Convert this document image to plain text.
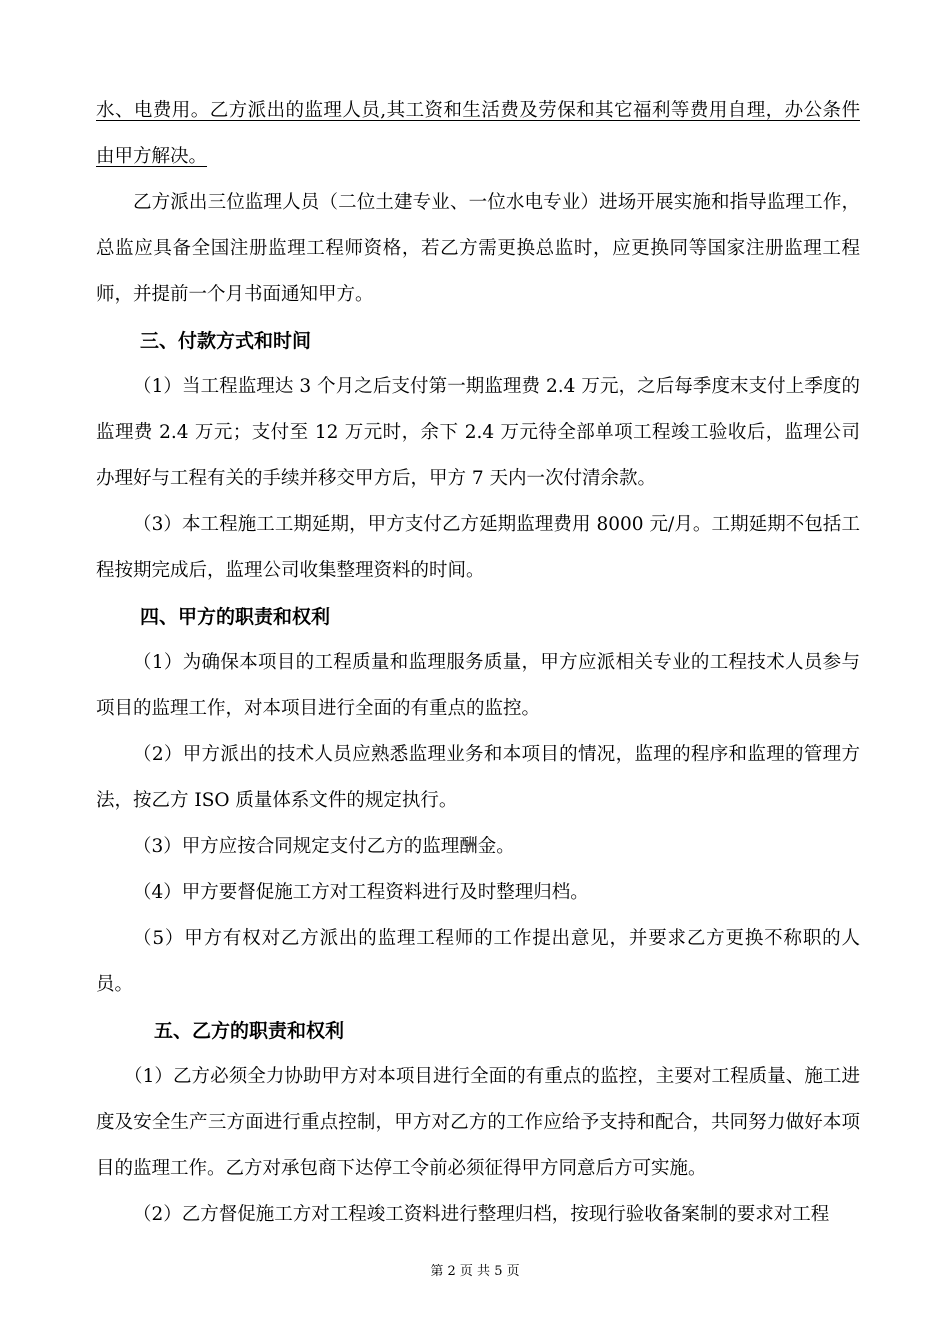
水、电费用。乙方派出的监理人员,其工资和生活费及劳保和其它福利等费用自理，办公条件由甲方解决。

乙方派出三位监理人员（二位土建专业、一位水电专业）进场开展实施和指导监理工作，总监应具备全国注册监理工程师资格，若乙方需更换总监时，应更换同等国家注册监理工程师，并提前一个月书面通知甲方。

三、付款方式和时间

（1）当工程监理达 3 个月之后支付第一期监理费 2.4 万元，之后每季度末支付上季度的监理费 2.4 万元；支付至 12 万元时，余下 2.4 万元待全部单项工程竣工验收后，监理公司办理好与工程有关的手续并移交甲方后，甲方 7 天内一次付清余款。

（3）本工程施工工期延期，甲方支付乙方延期监理费用 8000 元/月。工期延期不包括工程按期完成后，监理公司收集整理资料的时间。

四、甲方的职责和权利

（1）为确保本项目的工程质量和监理服务质量，甲方应派相关专业的工程技术人员参与项目的监理工作，对本项目进行全面的有重点的监控。

（2）甲方派出的技术人员应熟悉监理业务和本项目的情况，监理的程序和监理的管理方法，按乙方 ISO 质量体系文件的规定执行。

（3）甲方应按合同规定支付乙方的监理酬金。

（4）甲方要督促施工方对工程资料进行及时整理归档。

（5）甲方有权对乙方派出的监理工程师的工作提出意见，并要求乙方更换不称职的人员。

五、乙方的职责和权利

（1）乙方必须全力协助甲方对本项目进行全面的有重点的监控，主要对工程质量、施工进度及安全生产三方面进行重点控制，甲方对乙方的工作应给予支持和配合，共同努力做好本项目的监理工作。乙方对承包商下达停工令前必须征得甲方同意后方可实施。

（2）乙方督促施工方对工程竣工资料进行整理归档，按现行验收备案制的要求对工程

第 2 页 共 5 页
